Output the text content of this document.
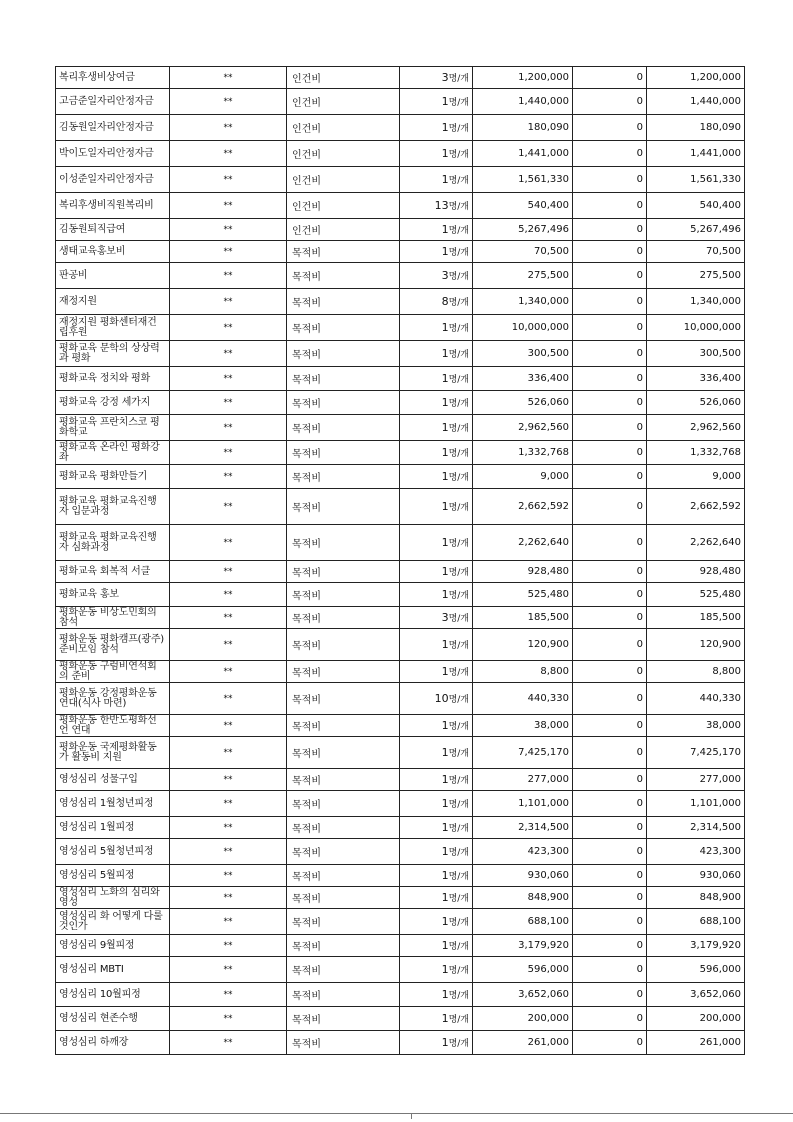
복리후생비상여금	**	인건비	3명/개	1,200,000	0	1,200,000
고금준일자리안정자금	**	인건비	1명/개	1,440,000	0	1,440,000
김동원일자리안정자금	**	인건비	1명/개	180,090	0	180,090
박이도일자리안정자금	**	인건비	1명/개	1,441,000	0	1,441,000
이성준일자리안정자금	**	인건비	1명/개	1,561,330	0	1,561,330
복리후생비직원복리비	**	인건비	13명/개	540,400	0	540,400
김동원퇴직급여	**	인건비	1명/개	5,267,496	0	5,267,496
생태교육홍보비	**	목적비	1명/개	70,500	0	70,500
판공비	**	목적비	3명/개	275,500	0	275,500
재정지원	**	목적비	8명/개	1,340,000	0	1,340,000
재정지원 평화센터재건립후원	**	목적비	1명/개	10,000,000	0	10,000,000
평화교육 문학의 상상력과 평화	**	목적비	1명/개	300,500	0	300,500
평화교육 정치와 평화	**	목적비	1명/개	336,400	0	336,400
평화교육 강정 세가지	**	목적비	1명/개	526,060	0	526,060
평화교육 프란치스코 평화학교	**	목적비	1명/개	2,962,560	0	2,962,560
평화교육 온라인 평화강좌	**	목적비	1명/개	1,332,768	0	1,332,768
평화교육 평화만들기	**	목적비	1명/개	9,000	0	9,000
평화교육 평화교육진행자 입문과정	**	목적비	1명/개	2,662,592	0	2,662,592
평화교육 평화교육진행자 심화과정	**	목적비	1명/개	2,262,640	0	2,262,640
평화교육 회복적 서클	**	목적비	1명/개	928,480	0	928,480
평화교육 홍보	**	목적비	1명/개	525,480	0	525,480
평화운동 비상도민회의 참석	**	목적비	3명/개	185,500	0	185,500
평화운동 평화캠프(광주)준비모임 참석	**	목적비	1명/개	120,900	0	120,900
평화운동 구럼비연석회의 준비	**	목적비	1명/개	8,800	0	8,800
평화운동 강정평화운동 연대(식사 마련)	**	목적비	10명/개	440,330	0	440,330
평화운동 한반도평화선언 연대	**	목적비	1명/개	38,000	0	38,000
평화운동 국제평화활동가 활동비 지원	**	목적비	1명/개	7,425,170	0	7,425,170
영성심리 성물구입	**	목적비	1명/개	277,000	0	277,000
영성심리 1월청년피정	**	목적비	1명/개	1,101,000	0	1,101,000
영성심리 1월피정	**	목적비	1명/개	2,314,500	0	2,314,500
영성심리 5월청년피정	**	목적비	1명/개	423,300	0	423,300
영성심리 5월피정	**	목적비	1명/개	930,060	0	930,060
영성심리 노화의 심리와 영성	**	목적비	1명/개	848,900	0	848,900
영성심리 화 어떻게 다룰 것인가	**	목적비	1명/개	688,100	0	688,100
영성심리 9월피정	**	목적비	1명/개	3,179,920	0	3,179,920
영성심리 MBTI	**	목적비	1명/개	596,000	0	596,000
영성심리 10월피정	**	목적비	1명/개	3,652,060	0	3,652,060
영성심리 현존수행	**	목적비	1명/개	200,000	0	200,000
영성심리 하깨장	**	목적비	1명/개	261,000	0	261,000
